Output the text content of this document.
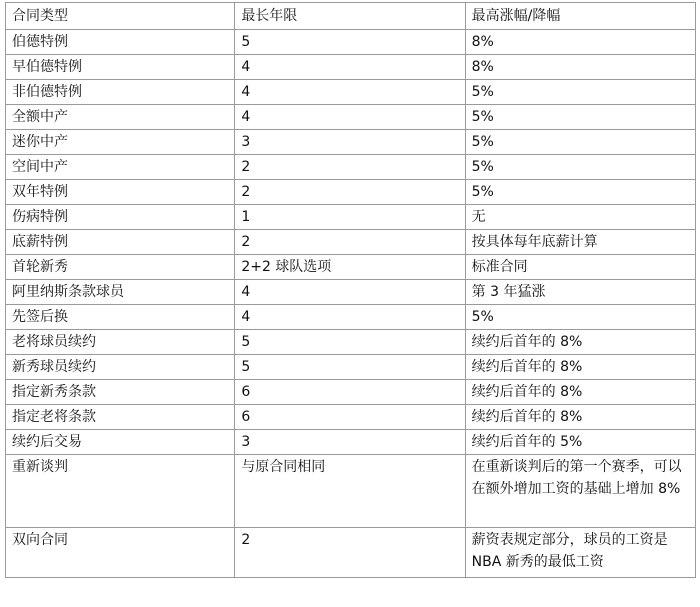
合同类型	最长年限	最高涨幅/降幅
伯德特例	5	8%
早伯德特例	4	8%
非伯德特例	4	5%
全额中产	4	5%
迷你中产	3	5%
空间中产	2	5%
双年特例	2	5%
伤病特例	1	无
底薪特例	2	按具体每年底薪计算
首轮新秀	2+2 球队选项	标准合同
阿里纳斯条款球员	4	第 3 年猛涨
先签后换	4	5%
老将球员续约	5	续约后首年的 8%
新秀球员续约	5	续约后首年的 8%
指定新秀条款	6	续约后首年的 8%
指定老将条款	6	续约后首年的 8%
续约后交易	3	续约后首年的 5%
重新谈判	与原合同相同	在重新谈判后的第一个赛季，可以在额外增加工资的基础上增加 8%
双向合同	2	薪资表规定部分，球员的工资是 NBA 新秀的最低工资
